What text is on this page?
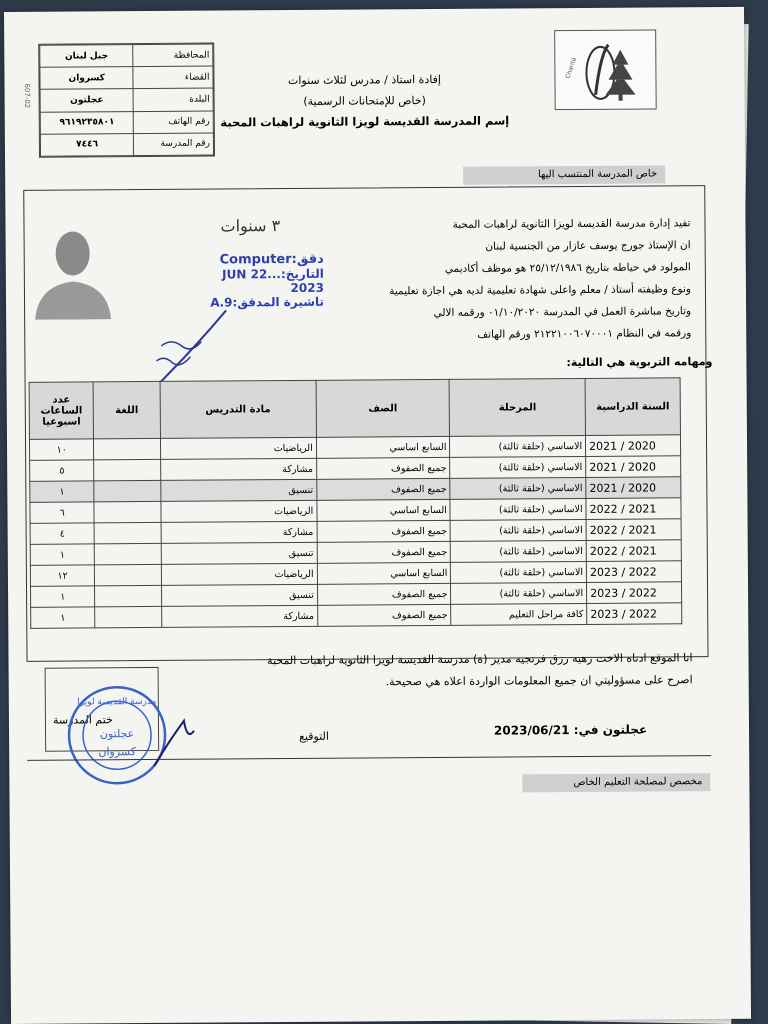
607-02
المحافظة	جبل لبنان
القضاء	كسروان
البلدة	عجلتون
رقم الهاتف	٩٦١٩٢٣٥٨٠١
رقم المدرسة	٧٤٤٦
Charité
إفادة استاذ / مدرس لثلاث سنوات
(خاص للإمتحانات الرسمية)
إسم المدرسة القديسة لويزا الثانوية لراهبات المحبة
خاص المدرسة المنتسب اليها
٣ سنوات
دقق:Computer
التاريخ:...22 JUN 2023
تاشيرة المدقق:9.A
تفيد إدارة مدرسة القديسة لويزا الثانوية لراهبات المحبة
ان الإستاذ جورج يوسف عازار من الجنسية لبنان
المولود في حياطه بتاريخ ٢٥/١٢/١٩٨٦ هو موظف أكاديمي
ونوع وظيفته أستاذ / معلم واعلى شهادة تعليمية لديه هي اجازة تعليمية
وتاريخ مباشرة العمل في المدرسة ٠١/١٠/٢٠٢٠ ورقمه الالي
ورقمه في النظام ٢١٢٢١٠٠٦٠٧٠٠٠١ ورقم الهاتف
ومهامه التربوية هي التالية:
السنة الدراسية	المرحلة	الصف	مادة التدريس	اللغة	عدد الساعات اسبوعيا
2020 / 2021	الاساسي (حلقة ثالثة)	السابع اساسي	الرياضيات		١٠
2020 / 2021	الاساسي (حلقة ثالثة)	جميع الصفوف	مشاركة		٥
2020 / 2021	الاساسي (حلقة ثالثة)	جميع الصفوف	تنسيق		١
2021 / 2022	الاساسي (حلقة ثالثة)	السابع اساسي	الرياضيات		٦
2021 / 2022	الاساسي (حلقة ثالثة)	جميع الصفوف	مشاركة		٤
2021 / 2022	الاساسي (حلقة ثالثة)	جميع الصفوف	تنسيق		١
2022 / 2023	الاساسي (حلقة ثالثة)	السابع اساسي	الرياضيات		١٢
2022 / 2023	الاساسي (حلقة ثالثة)	جميع الصفوف	تنسيق		١
2022 / 2023	كافة مراحل التعليم	جميع الصفوف	مشاركة		١
انا الموقع ادناه الاخت زهيه رزق فرنجيه مدير (ة) مدرسة القديسة لويزا الثانوية لراهبات المحبة
اصرح على مسؤوليتي ان جميع المعلومات الواردة اعلاه هي صحيحة.
عجلتون في: 2023/06/21
التوقيع
ختم المدرسة
مدرسة القديسة لويزا
عجلتون
كسروان
مخصص لمصلحة التعليم الخاص
